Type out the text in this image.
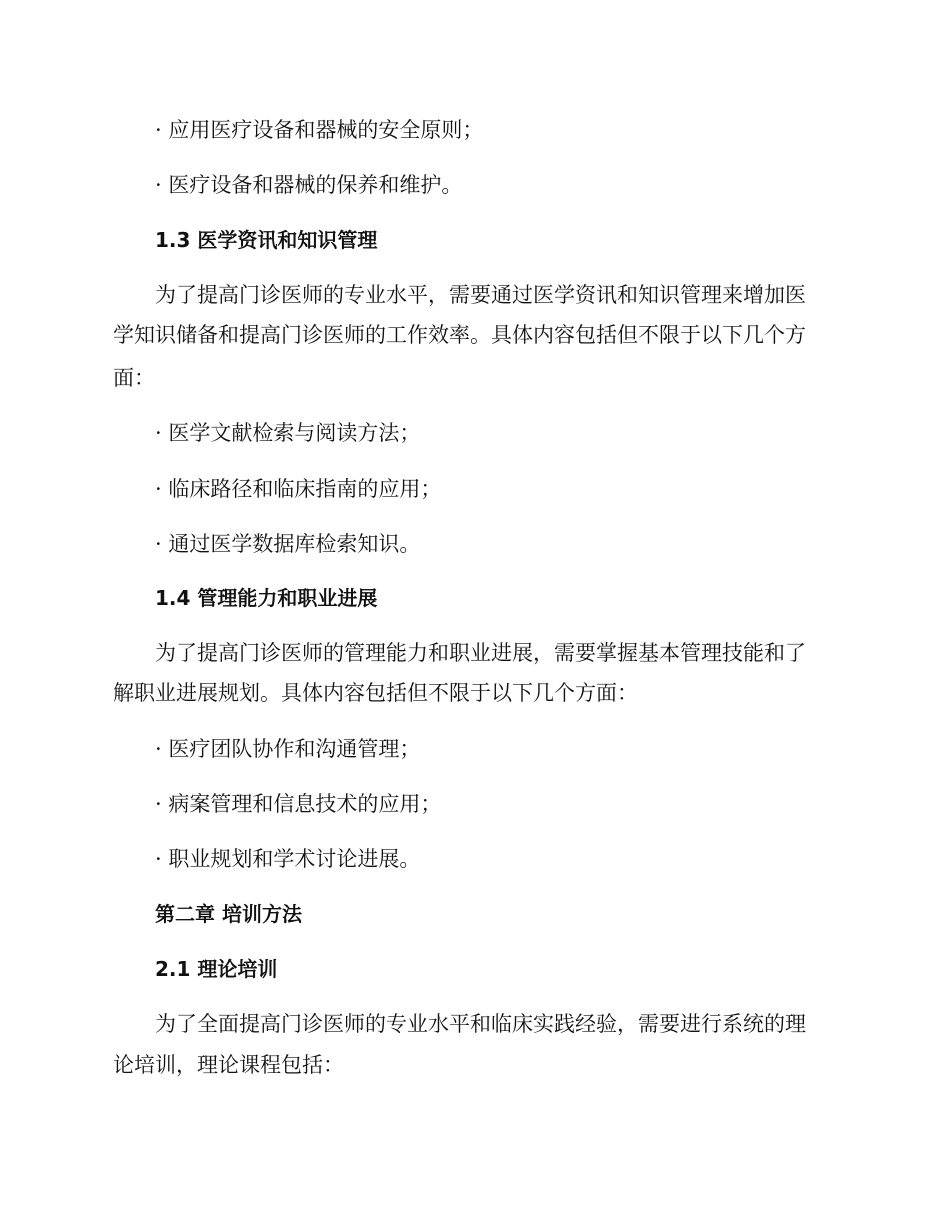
· 应用医疗设备和器械的安全原则；
· 医疗设备和器械的保养和维护。
1.3 医学资讯和知识管理
为了提高门诊医师的专业水平，需要通过医学资讯和知识管理来增加医
学知识储备和提高门诊医师的工作效率。具体内容包括但不限于以下几个方
面：
· 医学文献检索与阅读方法；
· 临床路径和临床指南的应用；
· 通过医学数据库检索知识。
1.4 管理能力和职业进展
为了提高门诊医师的管理能力和职业进展，需要掌握基本管理技能和了
解职业进展规划。具体内容包括但不限于以下几个方面：
· 医疗团队协作和沟通管理；
· 病案管理和信息技术的应用；
· 职业规划和学术讨论进展。
第二章 培训方法
2.1 理论培训
为了全面提高门诊医师的专业水平和临床实践经验，需要进行系统的理
论培训，理论课程包括：
